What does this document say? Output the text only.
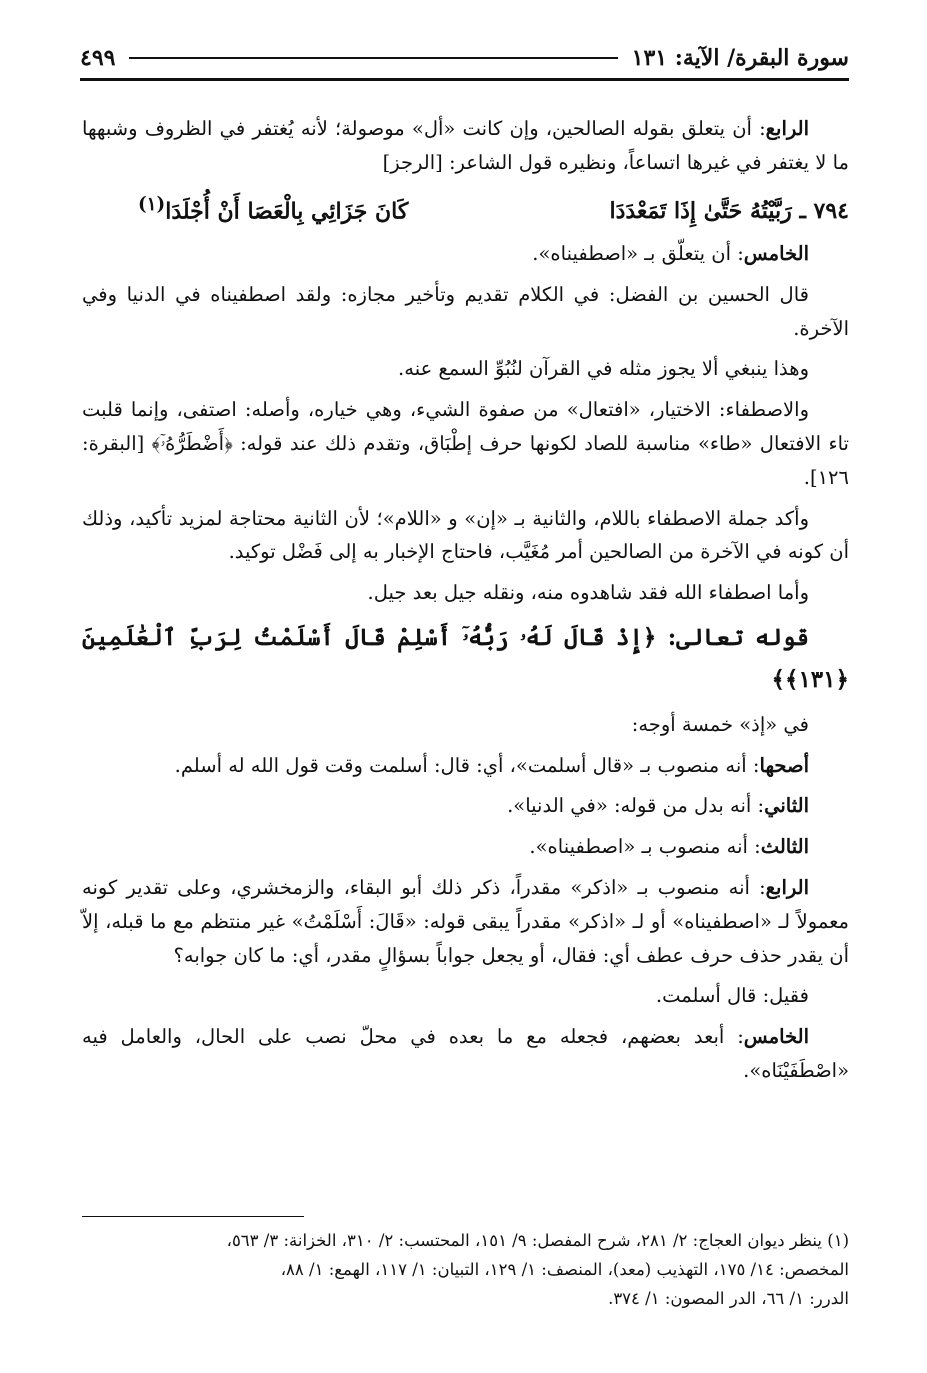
سورة البقرة/ الآية: ١٣١
٤٩٩

الرابع: أن يتعلق بقوله الصالحين، وإن كانت «أل» موصولة؛ لأنه يُغتفر في الظروف وشبهها ما لا يغتفر في غيرها اتساعاً، ونظيره قول الشاعر: [الرجز]

٧٩٤ ـ رَبَّيْتُهُ حَتَّىٰ إِذَا تَمَعْدَدَا
كَانَ جَزَائِي بِالْعَصَا أَنْ أُجْلَدَا$^{(١)}$

الخامس: أن يتعلّق بـ «اصطفيناه».

قال الحسين بن الفضل: في الكلام تقديم وتأخير مجازه: ولقد اصطفيناه في الدنيا وفي الآخرة.

وهذا ينبغي ألا يجوز مثله في القرآن لنُبُوِّ السمع عنه.

والاصطفاء: الاختيار، «افتعال» من صفوة الشيء، وهي خياره، وأصله: اصتفى، وإنما قلبت تاء الافتعال «طاء» مناسبة للصاد لكونها حرف إطْبَاق، وتقدم ذلك عند قوله: ﴿أَضْطَرُّهُۥٓ﴾ [البقرة: ١٢٦].

وأكد جملة الاصطفاء باللام، والثانية بـ «إن» و «اللام»؛ لأن الثانية محتاجة لمزيد تأكيد، وذلك أن كونه في الآخرة من الصالحين أمر مُغَيَّب، فاحتاج الإخبار به إلى فَضْل توكيد.

وأما اصطفاء الله فقد شاهدوه منه، ونقله جيل بعد جيل.

قوله تعالى: ﴿إِذْ قَالَ لَهُۥ رَبُّهُۥٓ أَسْلِمْ قَالَ أَسْلَمْتُ لِرَبِّ ٱلْعَٰلَمِينَ ﴿١٣١﴾﴾

في «إذ» خمسة أوجه:

أصحها: أنه منصوب بـ «قال أسلمت»، أي: قال: أسلمت وقت قول الله له أسلم.

الثاني: أنه بدل من قوله: «في الدنيا».

الثالث: أنه منصوب بـ «اصطفيناه».

الرابع: أنه منصوب بـ «اذكر» مقدراً، ذكر ذلك أبو البقاء، والزمخشري، وعلى تقدير كونه معمولاً لـ «اصطفيناه» أو لـ «اذكر» مقدراً يبقى قوله: «قَالَ: أَسْلَمْتُ» غير منتظم مع ما قبله، إلاّ أن يقدر حذف حرف عطف أي: فقال، أو يجعل جواباً بسؤالٍ مقدر، أي: ما كان جوابه؟

فقيل: قال أسلمت.

الخامس: أبعد بعضهم، فجعله مع ما بعده في محلّ نصب على الحال، والعامل فيه «اصْطَفَيْنَاه».

(١) ينظر ديوان العجاج: ٢/ ٢٨١، شرح المفصل: ٩/ ١٥١، المحتسب: ٢/ ٣١٠، الخزانة: ٣/ ٥٦٣،

المخصص: ١٤/ ١٧٥، التهذيب (معد)، المنصف: ١/ ١٢٩، التبيان: ١/ ١١٧، الهمع: ١/ ٨٨،

الدرر: ١/ ٦٦، الدر المصون: ١/ ٣٧٤.
